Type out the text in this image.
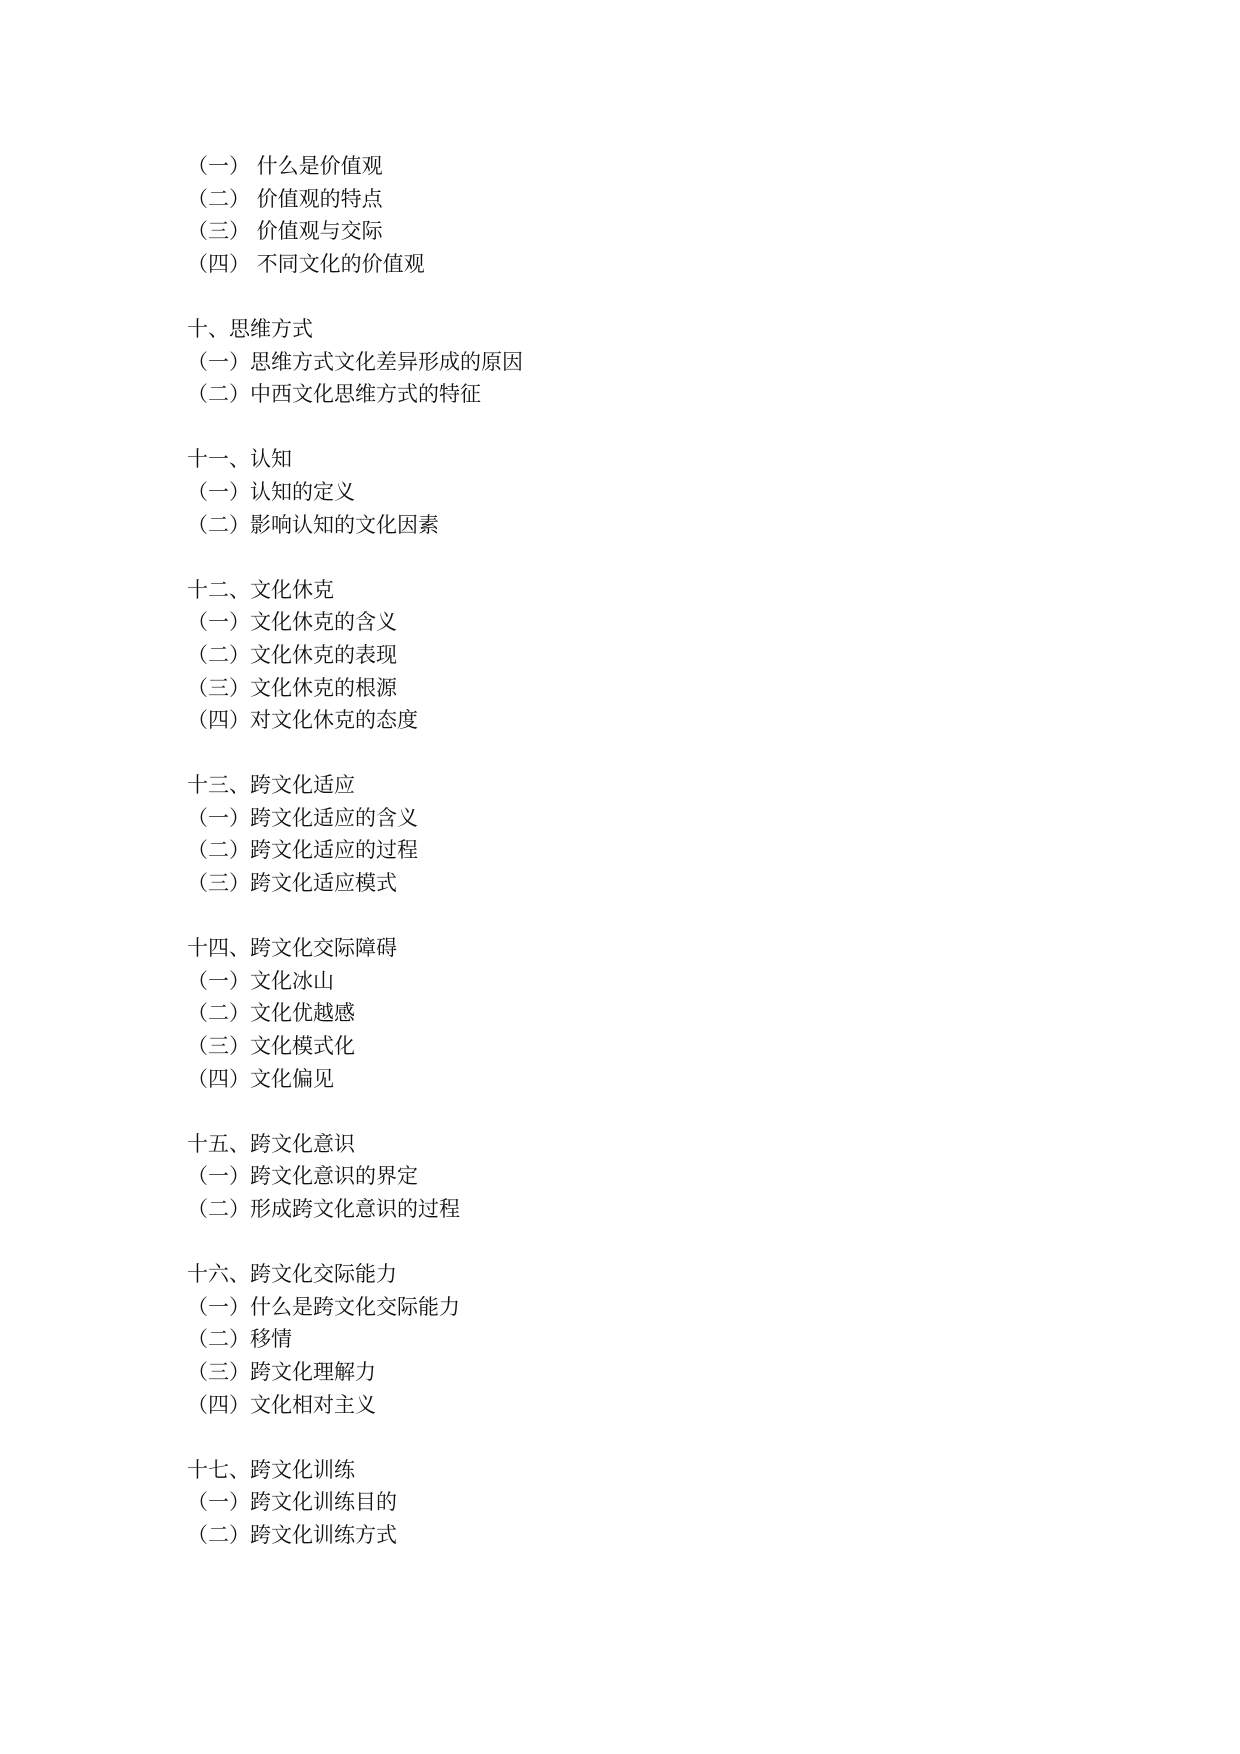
（一） 什么是价值观

（二） 价值观的特点

（三） 价值观与交际

（四） 不同文化的价值观

十、思维方式

（一）思维方式文化差异形成的原因

（二）中西文化思维方式的特征

十一、认知

（一）认知的定义

（二）影响认知的文化因素

十二、文化休克

（一）文化休克的含义

（二）文化休克的表现

（三）文化休克的根源

（四）对文化休克的态度

十三、跨文化适应

（一）跨文化适应的含义

（二）跨文化适应的过程

（三）跨文化适应模式

十四、跨文化交际障碍

（一）文化冰山

（二）文化优越感

（三）文化模式化

（四）文化偏见

十五、跨文化意识

（一）跨文化意识的界定

（二）形成跨文化意识的过程

十六、跨文化交际能力

（一）什么是跨文化交际能力

（二）移情

（三）跨文化理解力

（四）文化相对主义

十七、跨文化训练

（一）跨文化训练目的

（二）跨文化训练方式
